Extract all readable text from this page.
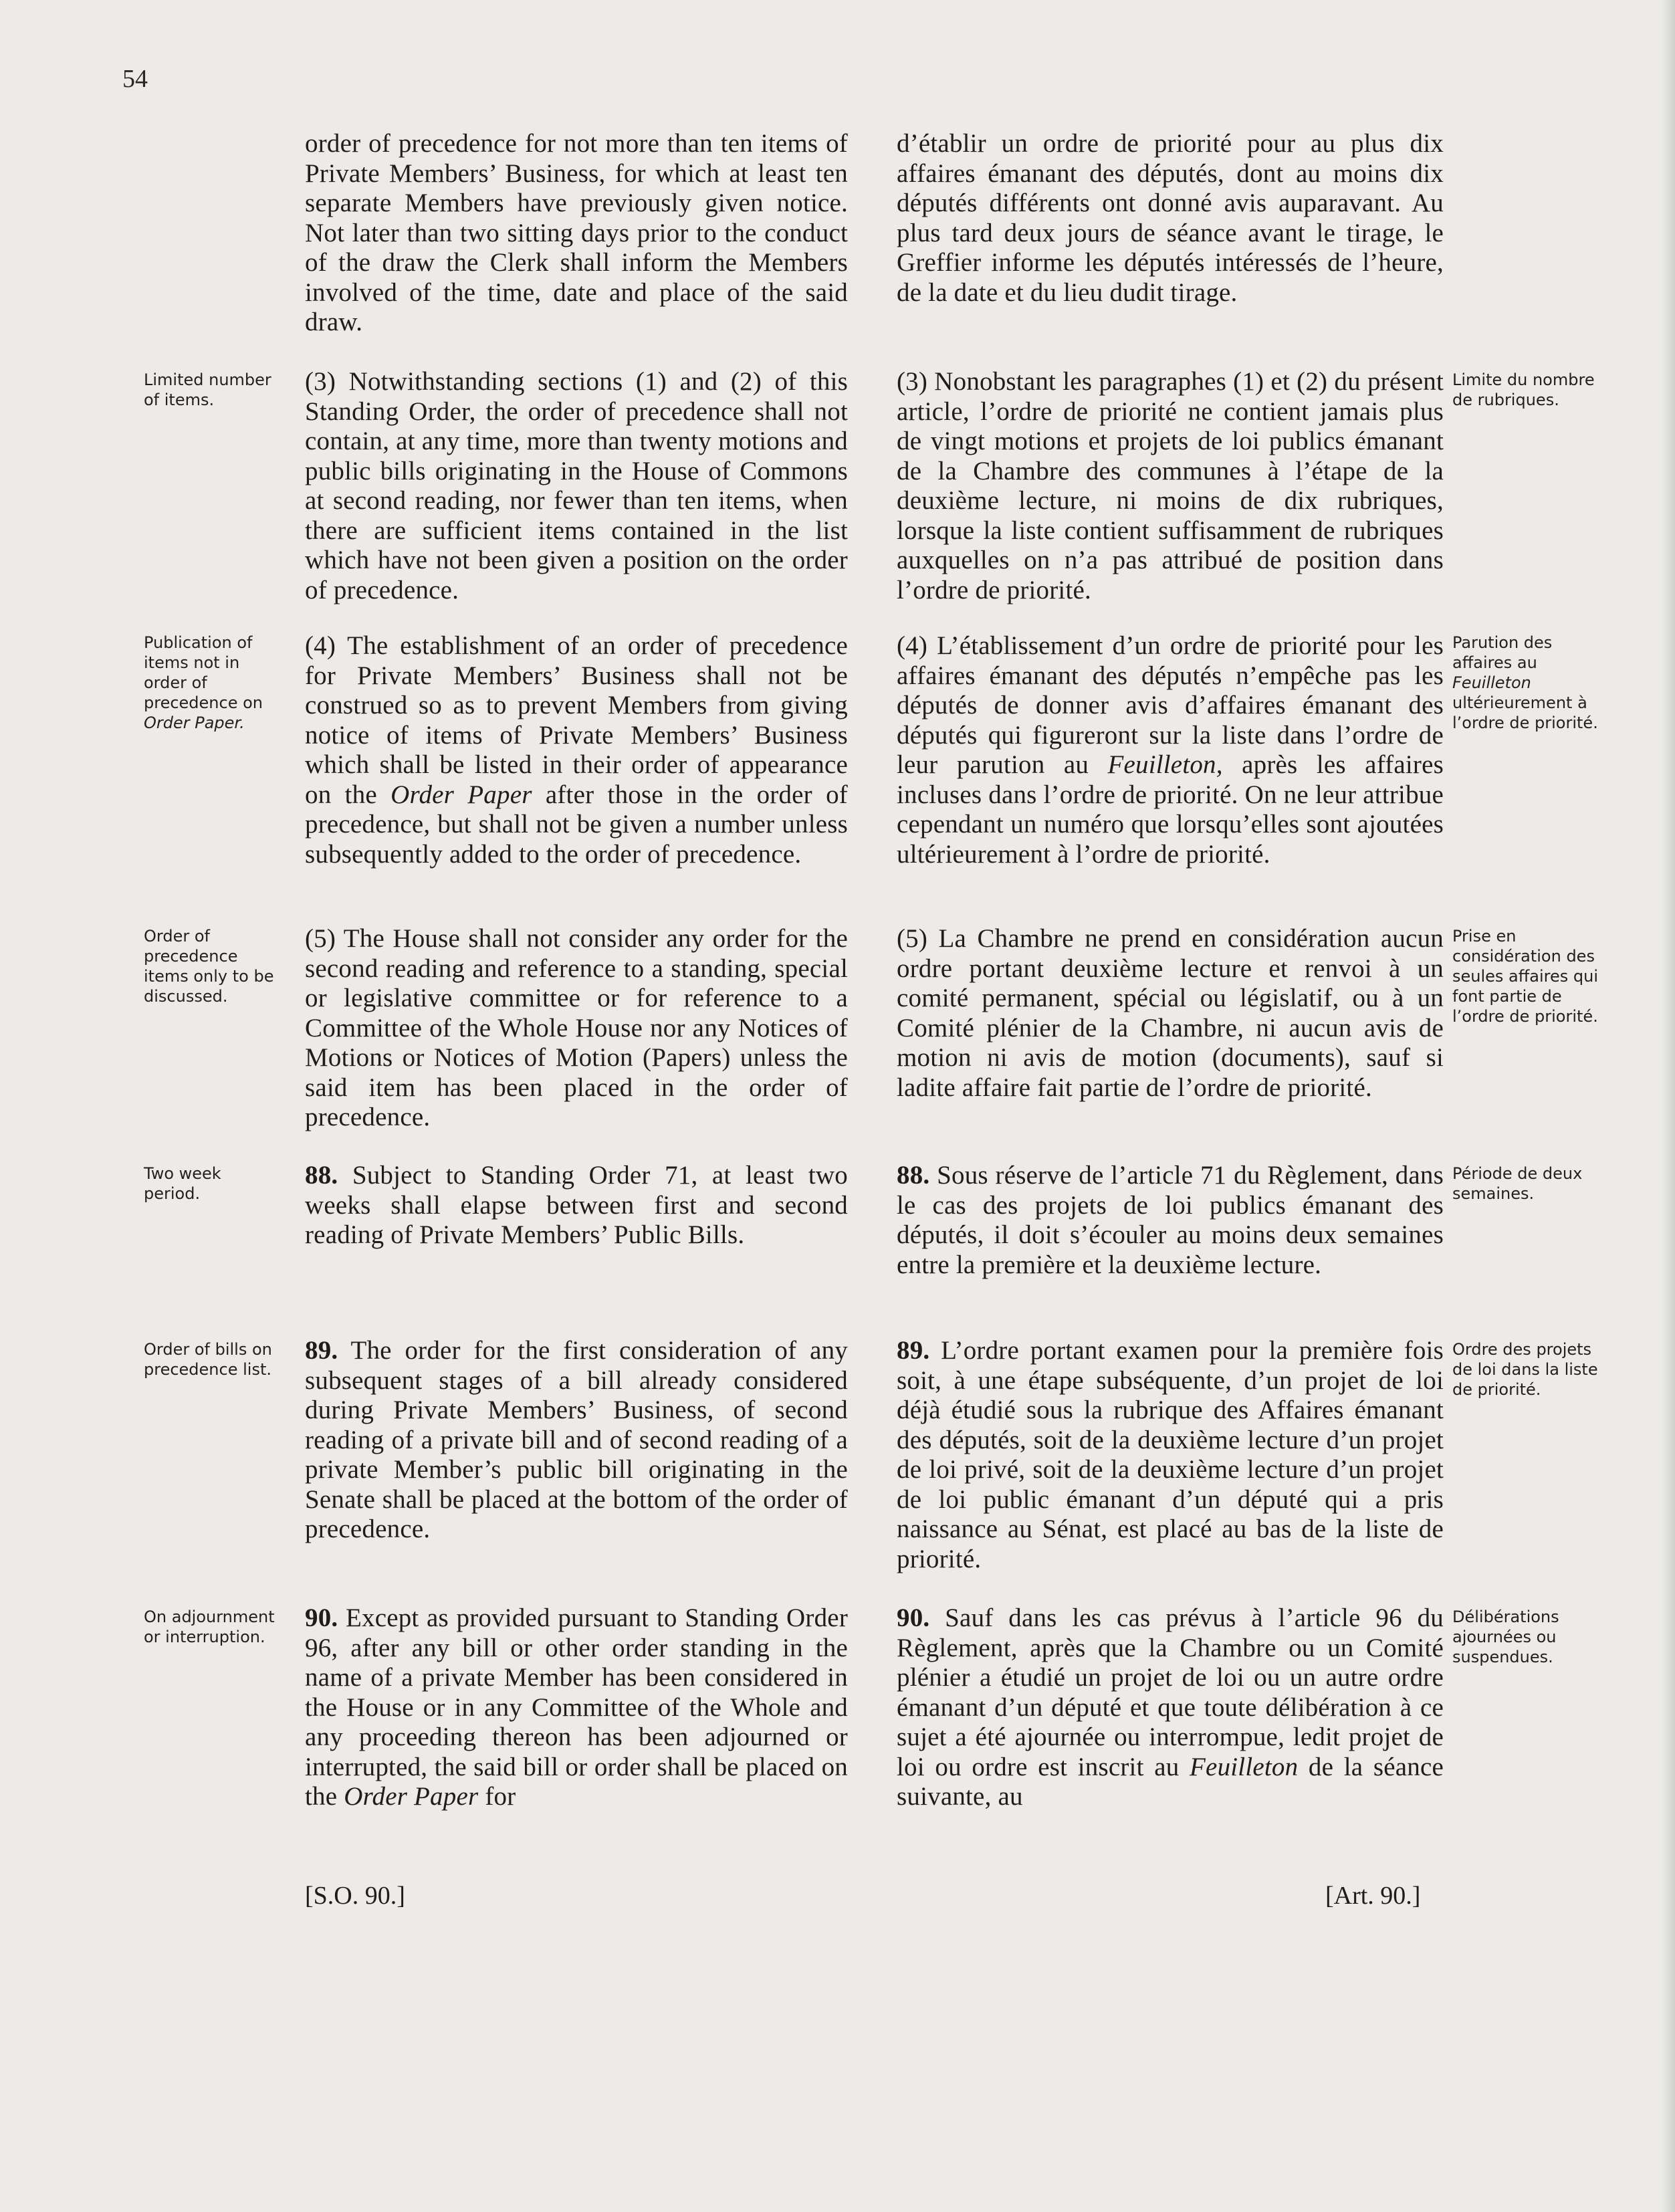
54

order of precedence for not more than ten items of Private Members’ Business, for which at least ten separate Members have previously given notice. Not later than two sitting days prior to the conduct of the draw the Clerk shall inform the Members involved of the time, date and place of the said draw.

d’établir un ordre de priorité pour au plus dix affaires émanant des députés, dont au moins dix députés différents ont donné avis auparavant. Au plus tard deux jours de séance avant le tirage, le Greffier informe les députés intéressés de l’heure, de la date et du lieu dudit tirage.

Limited number of items.

(3) Notwithstanding sections (1) and (2) of this Standing Order, the order of precedence shall not contain, at any time, more than twenty motions and public bills originating in the House of Commons at second reading, nor fewer than ten items, when there are sufficient items contained in the list which have not been given a position on the order of precedence.

(3) Nonobstant les paragraphes (1) et (2) du présent article, l’ordre de priorité ne contient jamais plus de vingt motions et projets de loi publics émanant de la Chambre des communes à l’étape de la deuxième lecture, ni moins de dix rubriques, lorsque la liste contient suffisamment de rubriques auxquelles on n’a pas attribué de position dans l’ordre de priorité.

Limite du nombre de rubriques.
Publication of items not in order of precedence on Order Paper.

(4) The establishment of an order of precedence for Private Members’ Business shall not be construed so as to prevent Members from giving notice of items of Private Members’ Business which shall be listed in their order of appearance on the Order Paper after those in the order of precedence, but shall not be given a number unless subsequently added to the order of precedence.

(4) L’établissement d’un ordre de priorité pour les affaires émanant des députés n’empêche pas les députés de donner avis d’affaires émanant des députés qui figureront sur la liste dans l’ordre de leur parution au Feuilleton, après les affaires incluses dans l’ordre de priorité. On ne leur attribue cependant un numéro que lorsqu’elles sont ajoutées ultérieurement à l’ordre de priorité.

Parution des affaires au Feuilleton ultérieurement à l’ordre de priorité.
Order of precedence items only to be discussed.

(5) The House shall not consider any order for the second reading and reference to a standing, special or legislative committee or for reference to a Committee of the Whole House nor any Notices of Motions or Notices of Motion (Papers) unless the said item has been placed in the order of precedence.

(5) La Chambre ne prend en considération aucun ordre portant deuxième lecture et renvoi à un comité permanent, spécial ou législatif, ou à un Comité plénier de la Chambre, ni aucun avis de motion ni avis de motion (documents), sauf si ladite affaire fait partie de l’ordre de priorité.

Prise en considération des seules affaires qui font partie de l’ordre de priorité.
Two week period.

88. Subject to Standing Order 71, at least two weeks shall elapse between first and second reading of Private Members’ Public Bills.

88. Sous réserve de l’article 71 du Règlement, dans le cas des projets de loi publics émanant des députés, il doit s’écouler au moins deux semaines entre la première et la deuxième lecture.

Période de deux semaines.
Order of bills on precedence list.

89. The order for the first consideration of any subsequent stages of a bill already considered during Private Members’ Business, of second reading of a private bill and of second reading of a private Member’s public bill originating in the Senate shall be placed at the bottom of the order of precedence.

89. L’ordre portant examen pour la première fois soit, à une étape subséquente, d’un projet de loi déjà étudié sous la rubrique des Affaires émanant des députés, soit de la deuxième lecture d’un projet de loi privé, soit de la deuxième lecture d’un projet de loi public émanant d’un député qui a pris naissance au Sénat, est placé au bas de la liste de priorité.

Ordre des projets de loi dans la liste de priorité.
On adjournment or interruption.

90. Except as provided pursuant to Standing Order 96, after any bill or other order standing in the name of a private Member has been considered in the House or in any Committee of the Whole and any proceeding thereon has been adjourned or interrupted, the said bill or order shall be placed on the Order Paper for

90. Sauf dans les cas prévus à l’article 96 du Règlement, après que la Chambre ou un Comité plénier a étudié un projet de loi ou un autre ordre émanant d’un député et que toute délibération à ce sujet a été ajournée ou interrompue, ledit projet de loi ou ordre est inscrit au Feuilleton de la séance suivante, au

Délibérations ajournées ou suspendues.
[S.O. 90.]	[Art. 90.]
